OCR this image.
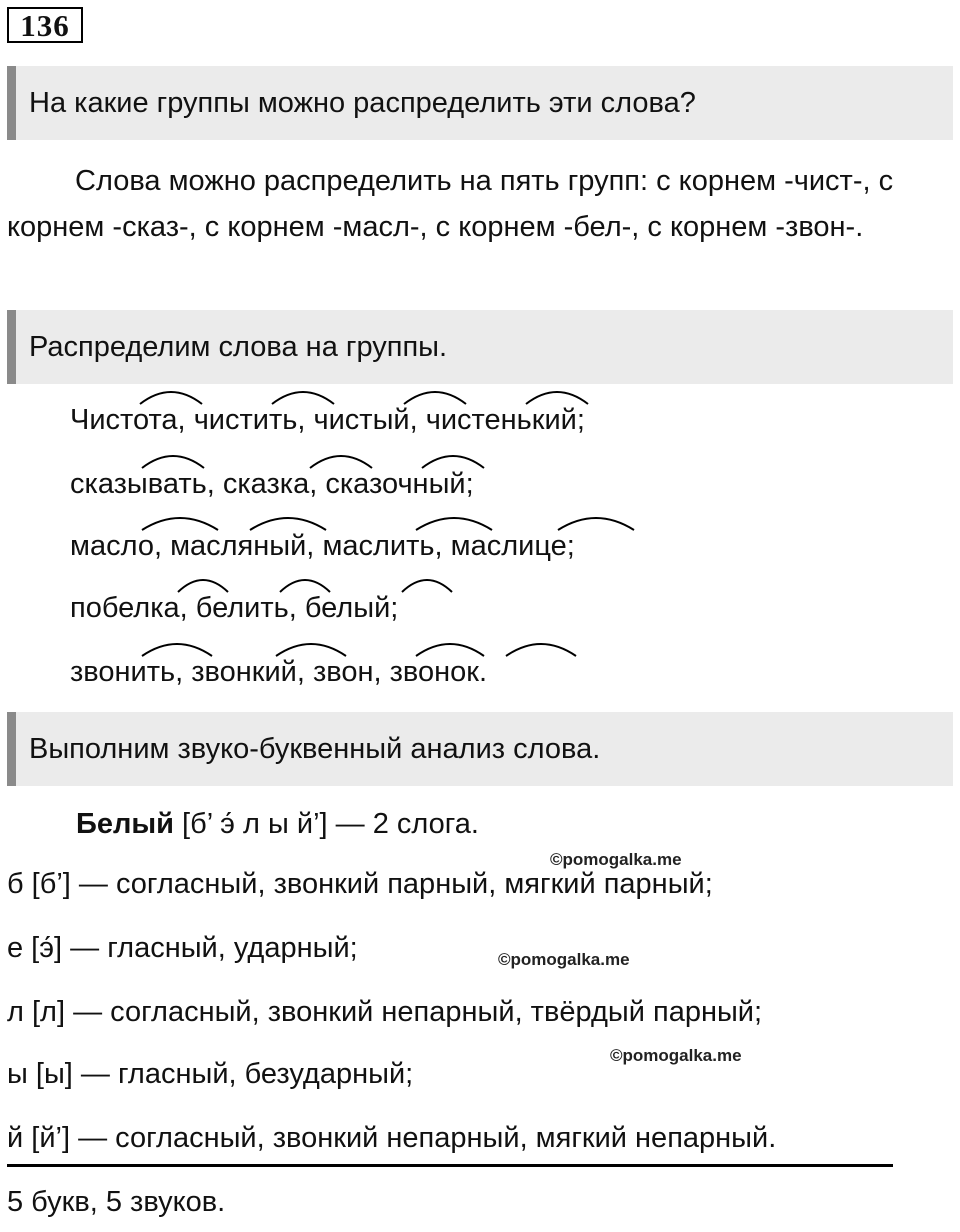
136
На какие группы можно распределить эти слова?
Слова можно распределить на пять групп: с корнем -чист-, с корнем -сказ-, с корнем -масл-, с корнем -бел-, с корнем -звон-.
Распределим слова на группы.
Чистота, чистить, чистый, чистенький;
сказывать, сказка, сказочный;
масло, масляный, маслить, маслице;
побелка, белить, белый;
звонить, звонкий, звон, звонок.
Выполним звуко-буквенный анализ слова.
Белый [б’ э́ л ы й’] — 2 слога.
©pomogalka.me
б [б’] — согласный, звонкий парный, мягкий парный;
е [э́] — гласный, ударный;	©pomogalka.me
л [л] — согласный, звонкий непарный, твёрдый парный;
©pomogalka.me
ы [ы] — гласный, безударный;
й [й’] — согласный, звонкий непарный, мягкий непарный.
5 букв, 5 звуков.
